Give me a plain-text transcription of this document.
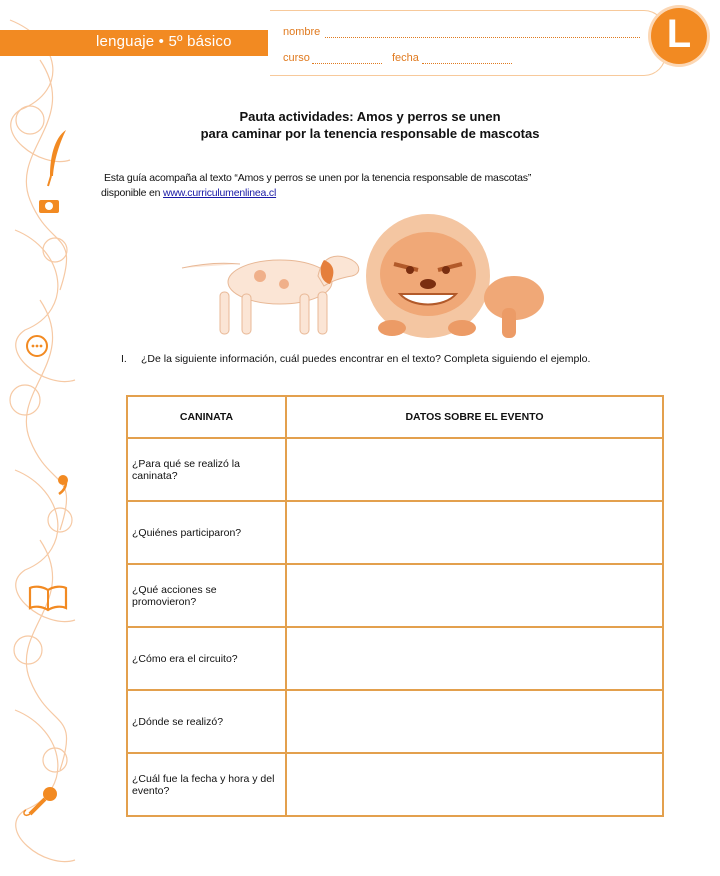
lenguaje • 5º básico
nombre
curso	fecha
L
Pauta actividades: Amos y perros se unen
para caminar por la tenencia responsable de mascotas
Esta guía acompaña al texto “Amos y perros se unen por la tenencia responsable de mascotas”
disponible en www.curriculumenlinea.cl
I. ¿De la siguiente información, cuál puedes encontrar en el texto? Completa siguiendo el ejemplo.
CANINATA	DATOS SOBRE EL EVENTO
¿Para qué se realizó la caninata?	
¿Quiénes participaron?	
¿Qué acciones se promovieron?	
¿Cómo era el circuito?	
¿Dónde se realizó?	
¿Cuál fue la fecha y hora y del evento?	
